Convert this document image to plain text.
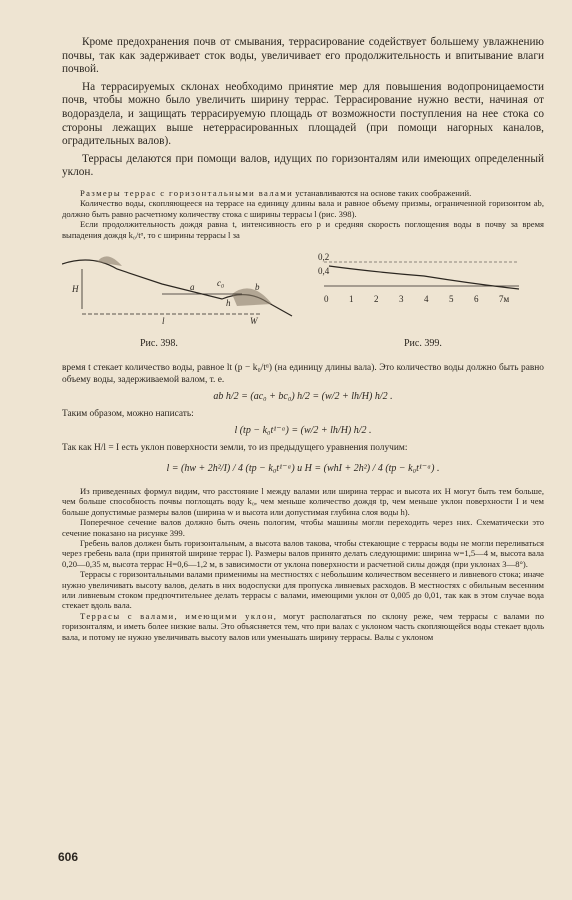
Кроме предохранения почв от смывания, террасирование содействует большему увлажнению почвы, так как задерживает сток воды, увеличивает его продолжительность и впитывание влаги почвой.

На террасируемых склонах необходимо принятие мер для повышения водопроницаемости почв, чтобы можно было увеличить ширину террас. Террасирование нужно вести, начиная от водораздела, и защищать террасируемую площадь от возможности поступления на нее стока со стороны лежащих выше нетеррасированных площадей (при помощи нагорных каналов, оградительных валов).

Террасы делаются при помощи валов, идущих по горизонталям или имеющих определенный уклон.

Размеры террас с горизонтальными валами устанавливаются на основе таких соображений.

Количество воды, скопляющееся на террасе на единицу длины вала и равное объему призмы, ограниченной горизонтом ab, должно быть равно расчетному количеству стока с ширины террасы l (рис. 398).

Если продолжительность дождя равна t, интенсивность его p и средняя скорость поглощения воды в почву за время выпадения дождя k₀/tᵅ, то с ширины террасы l за

H	a	c₀	b
h
W
l
Рис. 398.
0,2
0,4
0 1 2 3 4 5 6 7м
Рис. 399.

время t стекает количество воды, равное lt (p − k₀/tᵅ) (на единицу длины вала). Это количество воды должно быть равно объему воды, задерживаемой валом, т. е.

ab h/2 = (ac₀ + bc₀) h/2 = (w/2 + lh/H) h/2 .

Таким образом, можно написать:

l (tp − k₀t¹⁻ᵅ) = (w/2 + lh/H) h/2 .

Так как H/l = I есть уклон поверхности земли, то из предыдущего уравнения получим:

l = (hw + 2h²/I) / 4 (tp − k₀t¹⁻ᵅ) и H = (whI + 2h²) / 4 (tp − k₀t¹⁻ᵅ) .

Из приведенных формул видим, что расстояние l между валами или ширина террас и высота их H могут быть тем больше, чем больше способность почвы поглощать воду k₀, чем меньше количество дождя tp, чем меньше уклон поверхности I и чем больше допустимые размеры валов (ширина w и высота или допустимая глубина слоя воды h).

Поперечное сечение валов должно быть очень пологим, чтобы машины могли переходить через них. Схематически это сечение показано на рисунке 399.

Гребень валов должен быть горизонтальным, а высота валов такова, чтобы стекающие с террасы воды не могли переливаться через гребень вала (при принятой ширине террас l). Размеры валов принято делать следующими: ширина w=1,5—4 м, высота вала 0,20—0,35 м, высота террас H=0,6—1,2 м, в зависимости от уклона поверхности и расчетной силы дождя (при уклонах 3—8°).

Террасы с горизонтальными валами применимы на местностях с небольшим количеством весеннего и ливневого стока; иначе нужно увеличивать высоту валов, делать в них водоспуски для пропуска ливневых расходов. В местностях с обильным весенним или ливневым стоком предпочтительнее делать террасы с валами, имеющими уклон от 0,005 до 0,01, так как в этом случае вода стекает вдоль вала.

Террасы с валами, имеющими уклон, могут располагаться по склону реже, чем террасы с валами по горизонталям, и иметь более низкие валы. Это объясняется тем, что при валах с уклоном часть скопляющейся воды стекает вдоль вала, и потому не нужно увеличивать высоту валов или уменьшать ширину террасы. Валы с уклоном

606
